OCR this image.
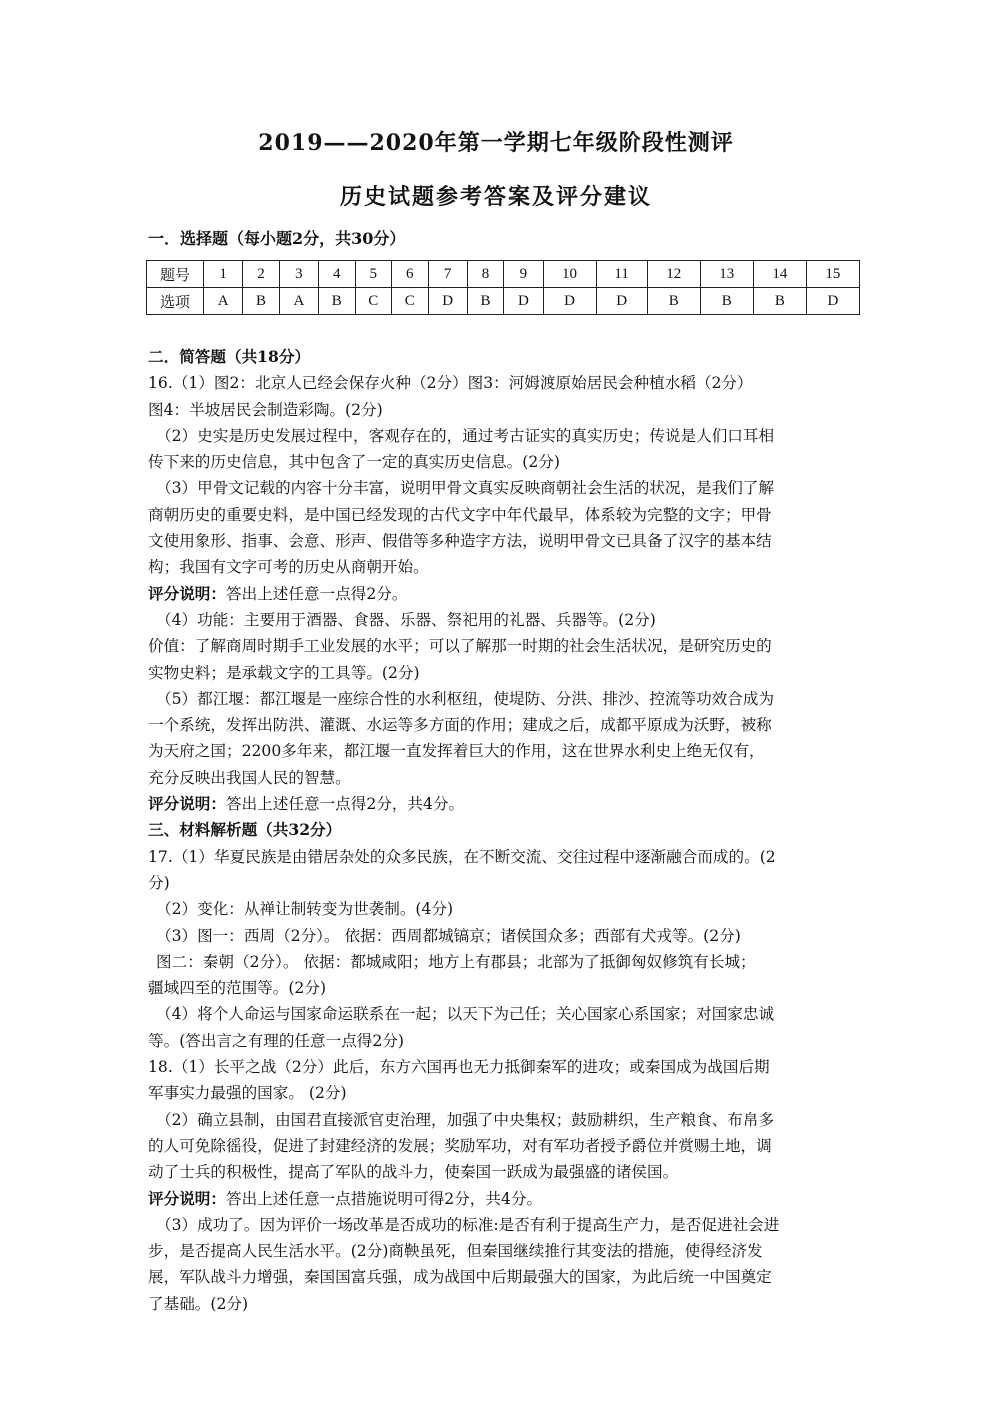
2019——2020年第一学期七年级阶段性测评
历史试题参考答案及评分建议
一．选择题（每小题2分，共30分）
题号	1	2	3	4	5	6	7	8	9	10	11	12	13	14	15
选项	A	B	A	B	C	C	D	B	D	D	D	B	B	B	D

二．简答题（共18分）

16.（1）图2：北京人已经会保存火种（2分）图3：河姆渡原始居民会种植水稻（2分）

图4：半坡居民会制造彩陶。(2分)

（2）史实是历史发展过程中，客观存在的，通过考古证实的真实历史；传说是人们口耳相

传下来的历史信息，其中包含了一定的真实历史信息。(2分)

（3）甲骨文记载的内容十分丰富，说明甲骨文真实反映商朝社会生活的状况，是我们了解

商朝历史的重要史料，是中国已经发现的古代文字中年代最早，体系较为完整的文字；甲骨

文使用象形、指事、会意、形声、假借等多种造字方法，说明甲骨文已具备了汉字的基本结

构；我国有文字可考的历史从商朝开始。

评分说明：答出上述任意一点得2分。

（4）功能：主要用于酒器、食器、乐器、祭祀用的礼器、兵器等。(2分)

价值：了解商周时期手工业发展的水平；可以了解那一时期的社会生活状况，是研究历史的

实物史料；是承载文字的工具等。(2分)

（5）都江堰：都江堰是一座综合性的水利枢纽，使堤防、分洪、排沙、控流等功效合成为

一个系统，发挥出防洪、灌溉、水运等多方面的作用；建成之后，成都平原成为沃野，被称

为天府之国；2200多年来，都江堰一直发挥着巨大的作用，这在世界水利史上绝无仅有，

充分反映出我国人民的智慧。

评分说明：答出上述任意一点得2分，共4分。

三、材料解析题（共32分）

17.（1）华夏民族是由错居杂处的众多民族，在不断交流、交往过程中逐渐融合而成的。(2

分)

（2）变化：从禅让制转变为世袭制。(4分)

（3）图一：西周（2分）。 依据：西周都城镐京；诸侯国众多；西部有犬戎等。(2分)

图二：秦朝（2分）。 依据：都城咸阳；地方上有郡县；北部为了抵御匈奴修筑有长城；

疆域四至的范围等。(2分)

（4）将个人命运与国家命运联系在一起；以天下为己任；关心国家心系国家；对国家忠诚

等。(答出言之有理的任意一点得2分)

18.（1）长平之战（2分）此后，东方六国再也无力抵御秦军的进攻；或秦国成为战国后期

军事实力最强的国家。 (2分)

（2）确立县制，由国君直接派官吏治理，加强了中央集权；鼓励耕织，生产粮食、布帛多

的人可免除徭役，促进了封建经济的发展；奖励军功，对有军功者授予爵位并赏赐土地，调

动了士兵的积极性，提高了军队的战斗力，使秦国一跃成为最强盛的诸侯国。

评分说明：答出上述任意一点措施说明可得2分，共4分。

（3）成功了。因为评价一场改革是否成功的标准:是否有利于提高生产力，是否促进社会进

步，是否提高人民生活水平。(2分)商鞅虽死，但秦国继续推行其变法的措施，使得经济发

展，军队战斗力增强，秦国国富兵强，成为战国中后期最强大的国家，为此后统一中国奠定

了基础。(2分)
